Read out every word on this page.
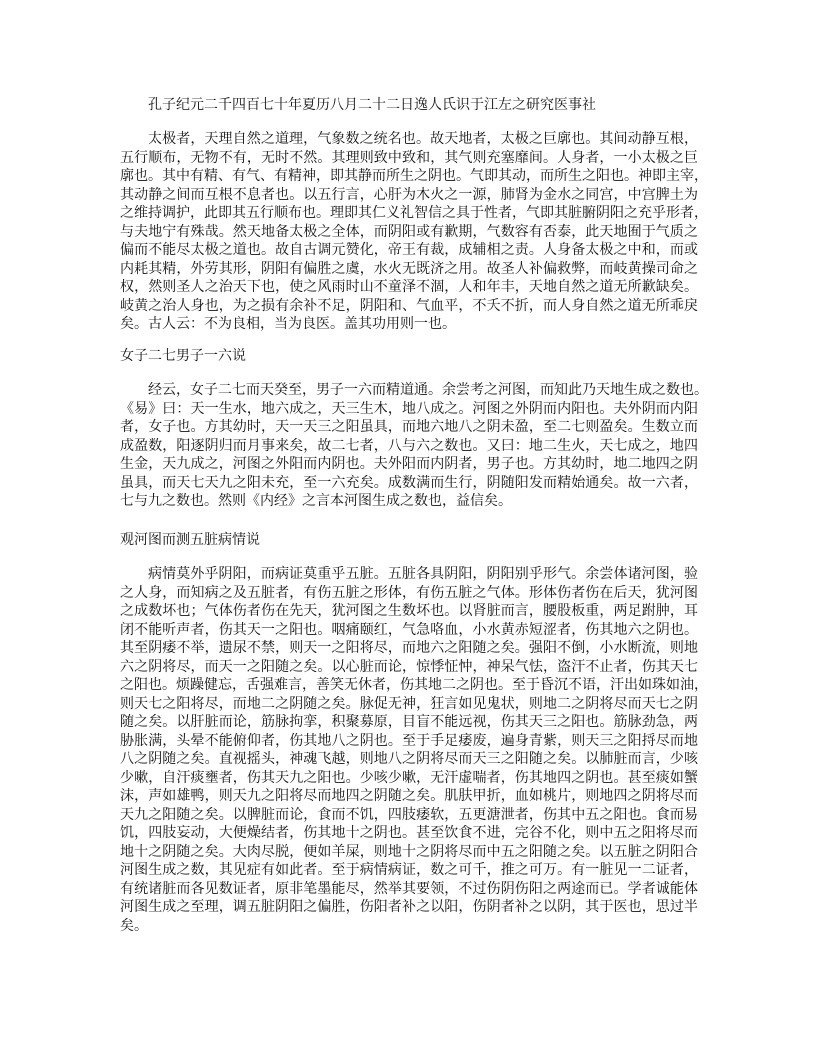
孔子纪元二千四百七十年夏历八月二十二日逸人氏识于江左之研究医事社
太极者，天理自然之道理，气象数之统名也。故天地者，太极之巨廓也。其间动静互根，
五行顺布，无物不有，无时不然。其理则致中致和，其气则充塞靡间。人身者，一小太极之巨
廓也。其中有精、有气、有精神，即其静而所生之阴也。气即其动，而所生之阳也。神即主宰，
其动静之间而互根不息者也。以五行言，心肝为木火之一源，肺肾为金水之同宫，中宫脾土为
之维持调护，此即其五行顺布也。理即其仁义礼智信之具于性者，气即其脏腑阴阳之充乎形者，
与夫地宁有殊哉。然天地备太极之全体，而阴阳或有歉期，气数容有否泰，此天地囿于气质之
偏而不能尽太极之道也。故自古调元赞化，帝王有裁，成辅相之责。人身备太极之中和，而或
内耗其精，外劳其形，阴阳有偏胜之虞，水火无既济之用。故圣人补偏救弊，而岐黄操司命之
权，然则圣人之治天下也，使之风雨时山不童泽不涸，人和年丰，天地自然之道无所歉缺矣。
岐黄之治人身也，为之损有余补不足，阴阳和、气血平，不夭不折，而人身自然之道无所乖戾
矣。古人云：不为良相，当为良医。盖其功用则一也。
女子二七男子一六说
经云，女子二七而天癸至，男子一六而精道通。余尝考之河图，而知此乃天地生成之数也。
《易》曰：天一生水，地六成之，天三生木，地八成之。河图之外阴而内阳也。夫外阴而内阳
者，女子也。方其幼时，天一天三之阳虽具，而地六地八之阴未盈，至二七则盈矣。生数立而
成盈数，阳逐阴归而月事来矣，故二七者，八与六之数也。又曰：地二生火，天七成之，地四
生金，天九成之，河图之外阳而内阴也。夫外阳而内阴者，男子也。方其幼时，地二地四之阴
虽具，而天七天九之阳未充，至一六充矣。成数满而生行，阴随阳发而精始通矣。故一六者，
七与九之数也。然则《内经》之言本河图生成之数也，益信矣。
观河图而测五脏病情说
病情莫外乎阴阳，而病证莫重乎五脏。五脏各具阴阳，阴阳别乎形气。余尝体诸河图，验
之人身，而知病之及五脏者，有伤五脏之形体，有伤五脏之气体。形体伤者伤在后天，犹河图
之成数坏也；气体伤者伤在先天，犹河图之生数坏也。以肾脏而言，腰股板重，两足跗肿，耳
闭不能听声者，伤其天一之阳也。咽痛颐红，气急咯血，小水黄赤短涩者，伤其地六之阴也。
其至阴痿不举，遗尿不禁，则天一之阳将尽，而地六之阳随之矣。强阳不倒，小水断流，则地
六之阴将尽，而天一之阳随之矣。以心脏而论，惊悸怔忡，神呆气怯，盗汗不止者，伤其天七
之阳也。烦躁健忘，舌强难言，善笑无休者，伤其地二之阴也。至于昏沉不语，汗出如珠如油，
则天七之阳将尽，而地二之阴随之矣。脉促无神，狂言如见鬼状，则地二之阴将尽而天七之阴
随之矣。以肝脏而论，筋脉拘挛，积聚募原，目盲不能远视，伤其天三之阳也。筋脉劲急，两
胁胀满，头晕不能俯仰者，伤其地八之阴也。至于手足痿废，遍身青紫，则天三之阳捋尽而地
八之阴随之矣。直视摇头，神魂飞越，则地八之阴将尽而天三之阳随之矣。以肺脏而言，少咳
少嗽，自汗痰壅者，伤其天九之阳也。少咳少嗽，无汗虚喘者，伤其地四之阴也。甚至痰如蟹
沫，声如雄鸭，则天九之阳将尽而地四之阴随之矣。肌肤甲折，血如桃片，则地四之阴将尽而
天九之阳随之矣。以脾脏而论，食而不饥，四肢痿软，五更溏泄者，伤其中五之阳也。食而易
饥，四肢妄动，大便燥结者，伤其地十之阴也。甚至饮食不进，完谷不化，则中五之阳将尽而
地十之阴随之矣。大肉尽脱，便如羊屎，则地十之阴将尽而中五之阳随之矣。以五脏之阴阳合
河图生成之数，其见症有如此者。至于病情病证，数之可千，推之可万。有一脏见一二证者，
有统诸脏而各见数证者，原非笔墨能尽，然举其要领，不过伤阴伤阳之两途而已。学者诚能体
河图生成之至理，调五脏阴阳之偏胜，伤阳者补之以阳，伤阴者补之以阴，其于医也，思过半
矣。
